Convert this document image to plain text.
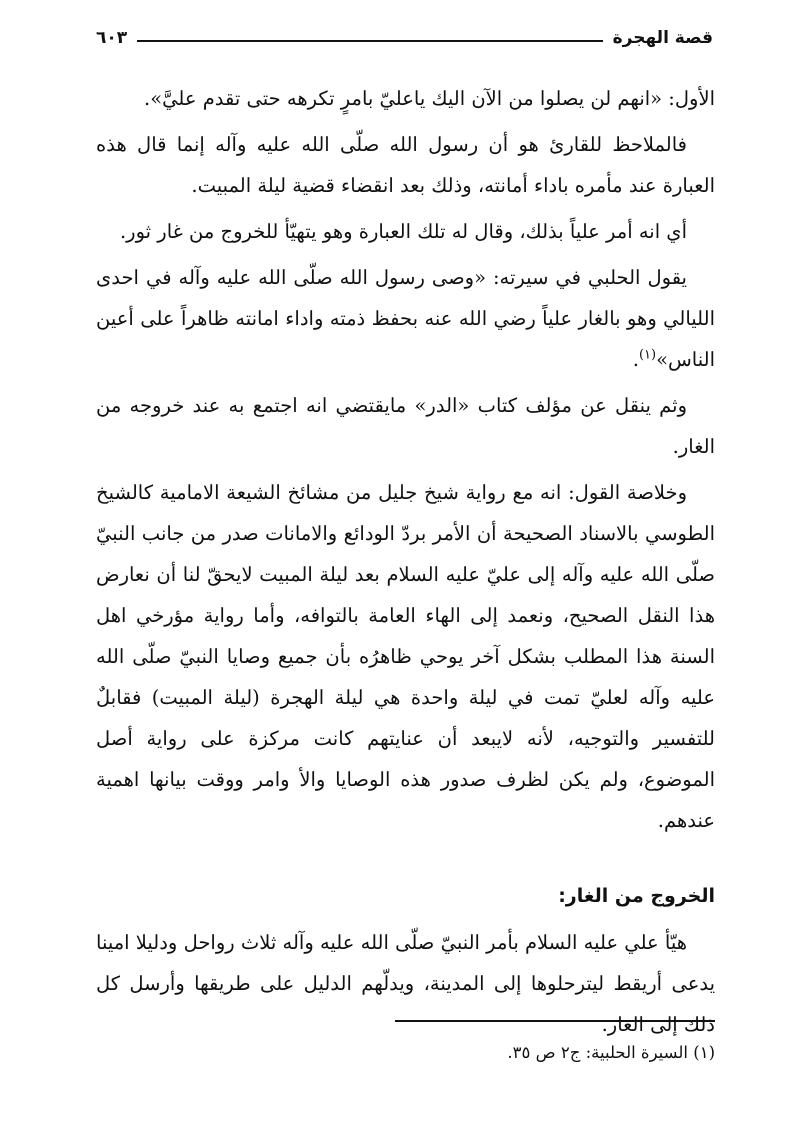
قصة الهجرة
٦٠٣

الأول: «انهم لن يصلوا من الآن اليك ياعليّ بامرٍ تكرهه حتى تقدم عليَّ».

فالملاحظ للقارئ هو أن رسول الله صلّى الله عليه وآله إنما قال هذه العبارة عند مأمره باداء أمانته، وذلك بعد انقضاء قضية ليلة المبيت.

أي انه أمر علياً بذلك، وقال له تلك العبارة وهو يتهيّأ للخروج من غار ثور.

يقول الحلبي في سيرته: «وصى رسول الله صلّى الله عليه وآله في احدى الليالي وهو بالغار علياً رضي الله عنه بحفظ ذمته واداء امانته ظاهراً على أعين الناس»$^{(١)}$.

وثم ينقل عن مؤلف كتاب «الدر» مايقتضي انه اجتمع به عند خروجه من الغار.

وخلاصة القول: انه مع رواية شيخ جليل من مشائخ الشيعة الامامية كالشيخ الطوسي بالاسناد الصحيحة أن الأمر بردّ الودائع والامانات صدر من جانب النبيّ صلّى الله عليه وآله إلى عليّ عليه السلام بعد ليلة المبيت لايحقّ لنا أن نعارض هذا النقل الصحيح، ونعمد إلى الهاء العامة بالتوافه، وأما رواية مؤرخي اهل السنة هذا المطلب بشكل آخر يوحي ظاهرُه بأن جميع وصايا النبيّ صلّى الله عليه وآله لعليّ تمت في ليلة واحدة هي ليلة الهجرة (ليلة المبيت) فقابلٌ للتفسير والتوجيه، لأنه لايبعد أن عنايتهم كانت مركزة على رواية أصل الموضوع، ولم يكن لظرف صدور هذه الوصايا والأ وامر ووقت بيانها اهمية عندهم.

الخروج من الغار:

هيّأ علي عليه السلام بأمر النبيّ صلّى الله عليه وآله ثلاث رواحل ودليلا امينا يدعى أريقط ليترحلوها إلى المدينة، ويدلّهم الدليل على طريقها وأرسل كل ذلك إلى الغار.

(١) السيرة الحلبية: ج٢ ص ٣٥.
